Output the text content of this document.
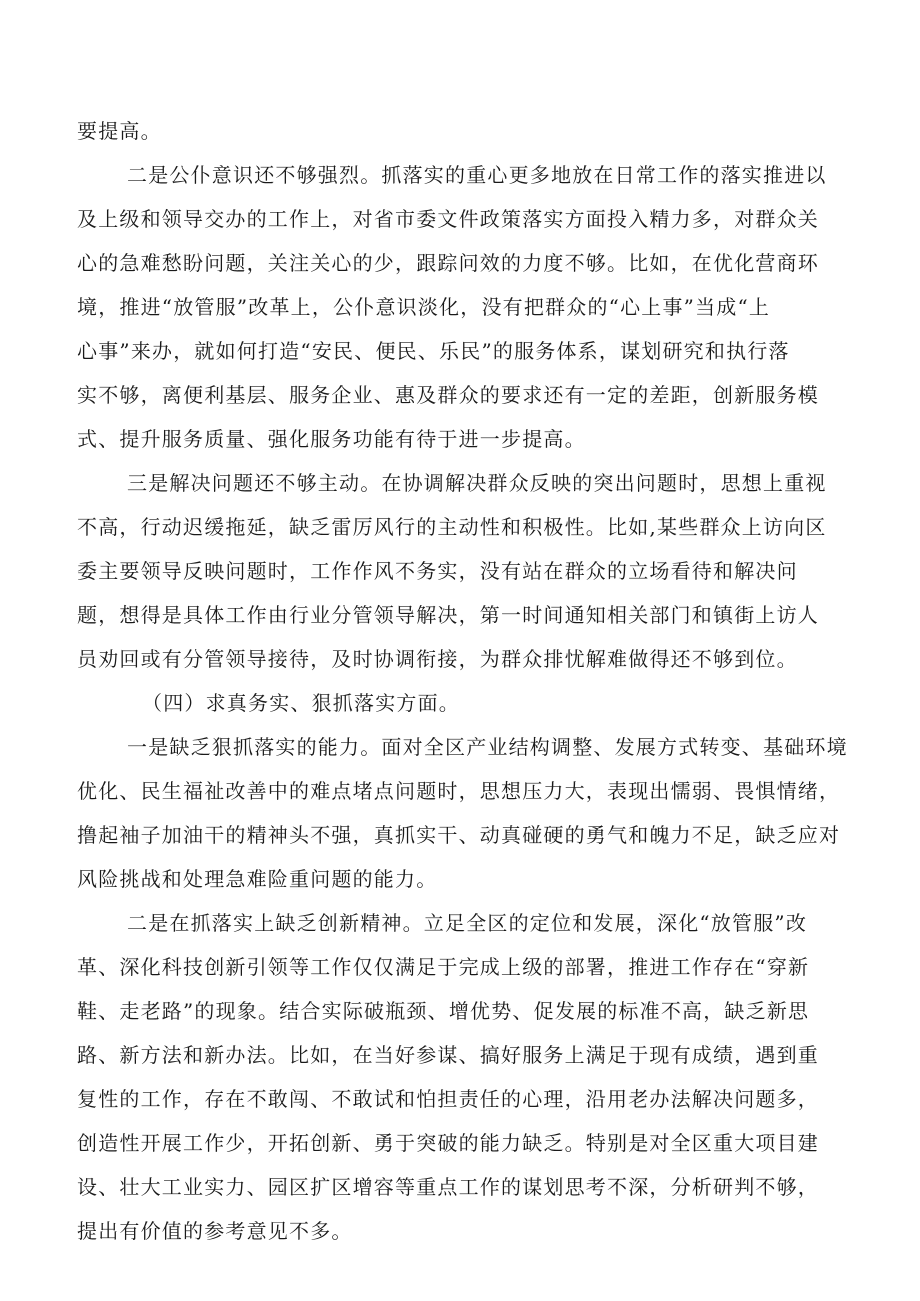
要提高。
二是公仆意识还不够强烈。抓落实的重心更多地放在日常工作的落实推进以
及上级和领导交办的工作上，对省市委文件政策落实方面投入精力多，对群众关
心的急难愁盼问题，关注关心的少，跟踪问效的力度不够。比如，在优化营商环
境，推进“放管服”改革上，公仆意识淡化，没有把群众的“心上事”当成“上
心事”来办，就如何打造“安民、便民、乐民”的服务体系，谋划研究和执行落
实不够，离便利基层、服务企业、惠及群众的要求还有一定的差距，创新服务模
式、提升服务质量、强化服务功能有待于进一步提高。
三是解决问题还不够主动。在协调解决群众反映的突出问题时，思想上重视
不高，行动迟缓拖延，缺乏雷厉风行的主动性和积极性。比如,某些群众上访向区
委主要领导反映问题时，工作作风不务实，没有站在群众的立场看待和解决问
题，想得是具体工作由行业分管领导解决，第一时间通知相关部门和镇街上访人
员劝回或有分管领导接待，及时协调衔接，为群众排忧解难做得还不够到位。
（四）求真务实、狠抓落实方面。
一是缺乏狠抓落实的能力。面对全区产业结构调整、发展方式转变、基础环境
优化、民生福祉改善中的难点堵点问题时，思想压力大，表现出懦弱、畏惧情绪，
撸起袖子加油干的精神头不强，真抓实干、动真碰硬的勇气和魄力不足，缺乏应对
风险挑战和处理急难险重问题的能力。
二是在抓落实上缺乏创新精神。立足全区的定位和发展，深化“放管服”改
革、深化科技创新引领等工作仅仅满足于完成上级的部署，推进工作存在“穿新
鞋、走老路”的现象。结合实际破瓶颈、增优势、促发展的标准不高，缺乏新思
路、新方法和新办法。比如，在当好参谋、搞好服务上满足于现有成绩，遇到重
复性的工作，存在不敢闯、不敢试和怕担责任的心理，沿用老办法解决问题多，
创造性开展工作少，开拓创新、勇于突破的能力缺乏。特别是对全区重大项目建
设、壮大工业实力、园区扩区增容等重点工作的谋划思考不深，分析研判不够，
提出有价值的参考意见不多。
